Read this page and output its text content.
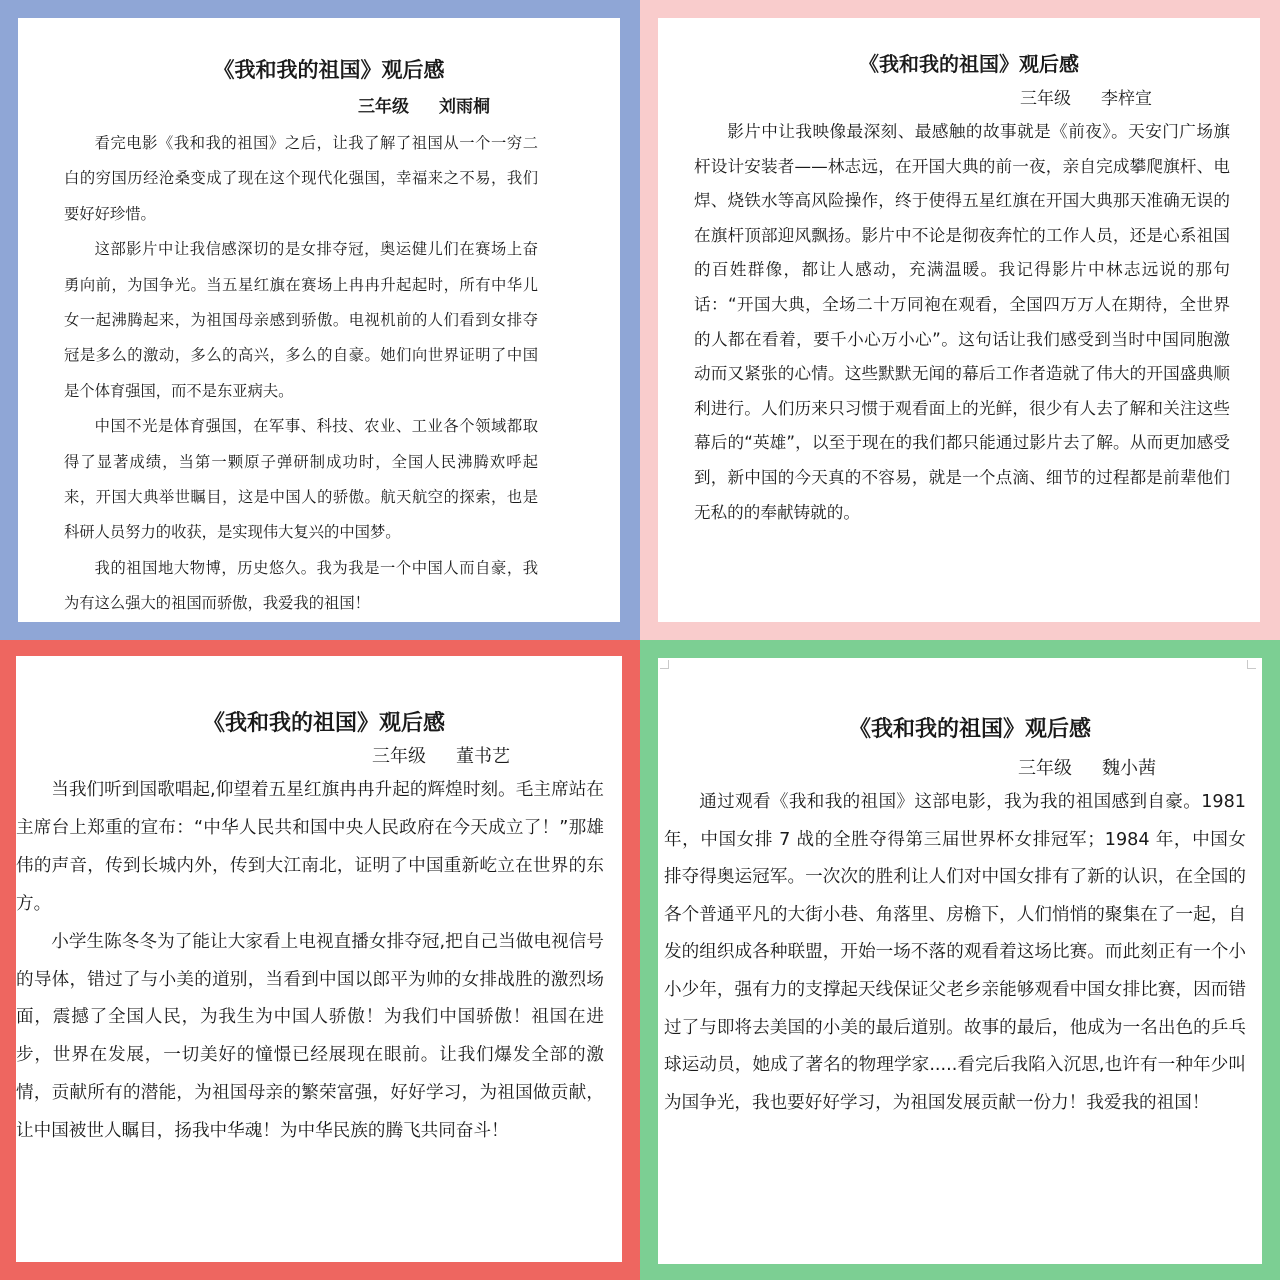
《我和我的祖国》观后感
三年级 刘雨桐

看完电影《我和我的祖国》之后，让我了解了祖国从一个一穷二白的穷国历经沧桑变成了现在这个现代化强国，幸福来之不易，我们要好好珍惜。

这部影片中让我信感深切的是女排夺冠，奥运健儿们在赛场上奋勇向前，为国争光。当五星红旗在赛场上冉冉升起起时，所有中华儿女一起沸腾起来，为祖国母亲感到骄傲。电视机前的人们看到女排夺冠是多么的激动，多么的高兴，多么的自豪。她们向世界证明了中国是个体育强国，而不是东亚病夫。

中国不光是体育强国，在军事、科技、农业、工业各个领域都取得了显著成绩，当第一颗原子弹研制成功时，全国人民沸腾欢呼起来，开国大典举世瞩目，这是中国人的骄傲。航天航空的探索，也是科研人员努力的收获，是实现伟大复兴的中国梦。

我的祖国地大物博，历史悠久。我为我是一个中国人而自豪，我为有这么强大的祖国而骄傲，我爱我的祖国！

《我和我的祖国》观后感
三年级 李梓宣

影片中让我映像最深刻、最感触的故事就是《前夜》。天安门广场旗杆设计安装者——林志远，在开国大典的前一夜，亲自完成攀爬旗杆、电焊、烧铁水等高风险操作，终于使得五星红旗在开国大典那天准确无误的在旗杆顶部迎风飘扬。影片中不论是彻夜奔忙的工作人员，还是心系祖国的百姓群像，都让人感动，充满温暖。我记得影片中林志远说的那句话：“开国大典，全场二十万同袍在观看，全国四万万人在期待，全世界的人都在看着，要千小心万小心”。这句话让我们感受到当时中国同胞激动而又紧张的心情。这些默默无闻的幕后工作者造就了伟大的开国盛典顺利进行。人们历来只习惯于观看面上的光鲜，很少有人去了解和关注这些幕后的“英雄”，以至于现在的我们都只能通过影片去了解。从而更加感受到，新中国的今天真的不容易，就是一个点滴、细节的过程都是前辈他们无私的的奉献铸就的。

《我和我的祖国》观后感
三年级 董书艺

当我们听到国歌唱起,仰望着五星红旗冉冉升起的辉煌时刻。毛主席站在主席台上郑重的宣布：“中华人民共和国中央人民政府在今天成立了！”那雄伟的声音，传到长城内外，传到大江南北，证明了中国重新屹立在世界的东方。

小学生陈冬冬为了能让大家看上电视直播女排夺冠,把自己当做电视信号的导体，错过了与小美的道别，当看到中国以郎平为帅的女排战胜的激烈场面，震撼了全国人民，为我生为中国人骄傲！为我们中国骄傲！祖国在进步，世界在发展，一切美好的憧憬已经展现在眼前。让我们爆发全部的激情，贡献所有的潜能，为祖国母亲的繁荣富强，好好学习，为祖国做贡献，让中国被世人瞩目，扬我中华魂！为中华民族的腾飞共同奋斗！

《我和我的祖国》观后感
三年级 魏小茜

通过观看《我和我的祖国》这部电影，我为我的祖国感到自豪。1981 年，中国女排 7 战的全胜夺得第三届世界杯女排冠军；1984 年，中国女排夺得奥运冠军。一次次的胜利让人们对中国女排有了新的认识，在全国的各个普通平凡的大街小巷、角落里、房檐下，人们悄悄的聚集在了一起，自发的组织成各种联盟，开始一场不落的观看着这场比赛。而此刻正有一个小小少年，强有力的支撑起天线保证父老乡亲能够观看中国女排比赛，因而错过了与即将去美国的小美的最后道别。故事的最后，他成为一名出色的乒乓球运动员，她成了著名的物理学家.....看完后我陷入沉思,也许有一种年少叫为国争光，我也要好好学习，为祖国发展贡献一份力！我爱我的祖国！
